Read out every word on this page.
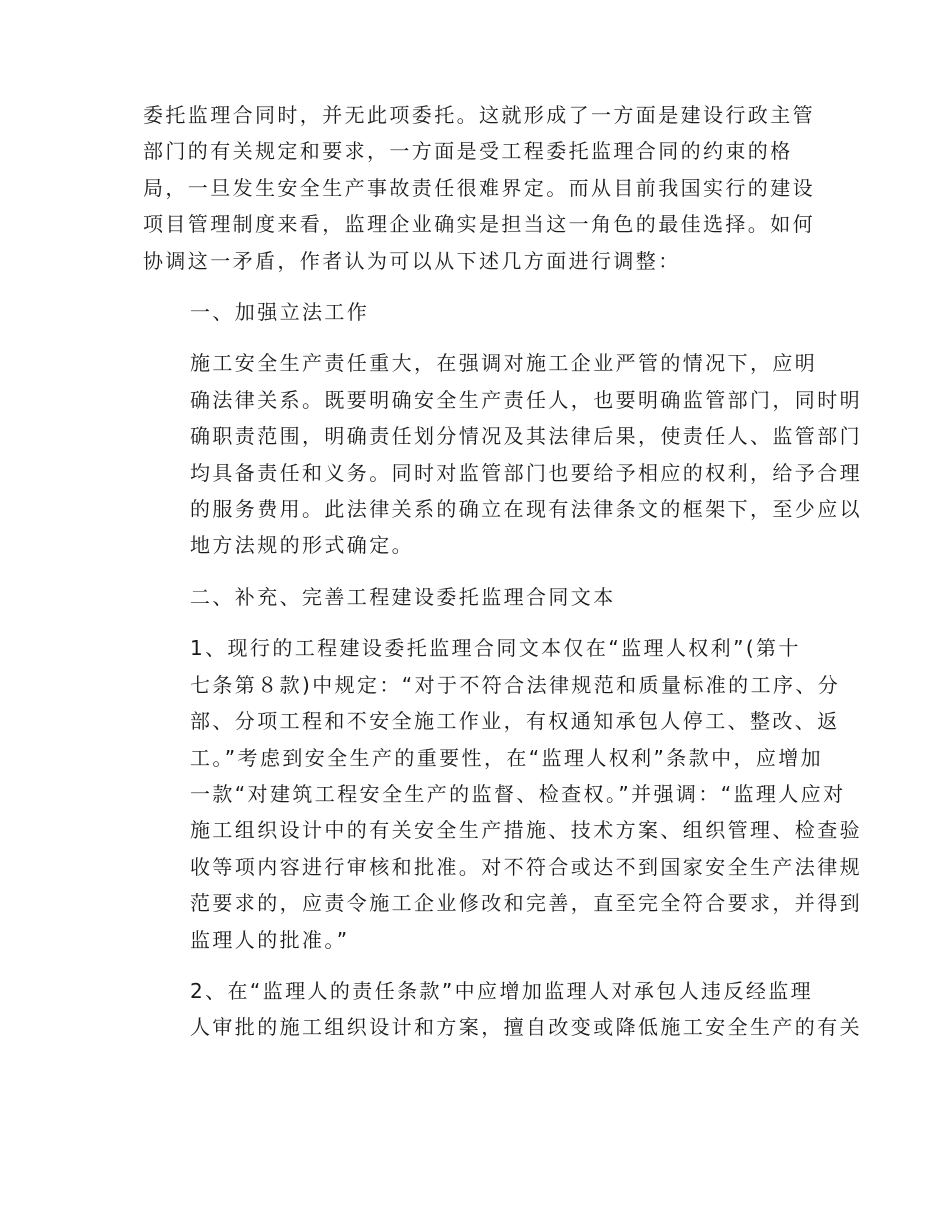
委托监理合同时，并无此项委托。这就形成了一方面是建设行政主管
部门的有关规定和要求，一方面是受工程委托监理合同的约束的格
局，一旦发生安全生产事故责任很难界定。而从目前我国实行的建设
项目管理制度来看，监理企业确实是担当这一角色的最佳选择。如何
协调这一矛盾，作者认为可以从下述几方面进行调整：

一、加强立法工作

施工安全生产责任重大，在强调对施工企业严管的情况下，应明
确法律关系。既要明确安全生产责任人，也要明确监管部门，同时明
确职责范围，明确责任划分情况及其法律后果，使责任人、监管部门
均具备责任和义务。同时对监管部门也要给予相应的权利，给予合理
的服务费用。此法律关系的确立在现有法律条文的框架下，至少应以
地方法规的形式确定。

二、补充、完善工程建设委托监理合同文本

1、现行的工程建设委托监理合同文本仅在“监理人权利”(第十
七条第８款)中规定：“对于不符合法律规范和质量标准的工序、分
部、分项工程和不安全施工作业，有权通知承包人停工、整改、返
工。”考虑到安全生产的重要性，在“监理人权利”条款中，应增加
一款“对建筑工程安全生产的监督、检查权。”并强调：“监理人应对
施工组织设计中的有关安全生产措施、技术方案、组织管理、检查验
收等项内容进行审核和批准。对不符合或达不到国家安全生产法律规
范要求的，应责令施工企业修改和完善，直至完全符合要求，并得到
监理人的批准。”

2、在“监理人的责任条款”中应增加监理人对承包人违反经监理
人审批的施工组织设计和方案，擅自改变或降低施工安全生产的有关
